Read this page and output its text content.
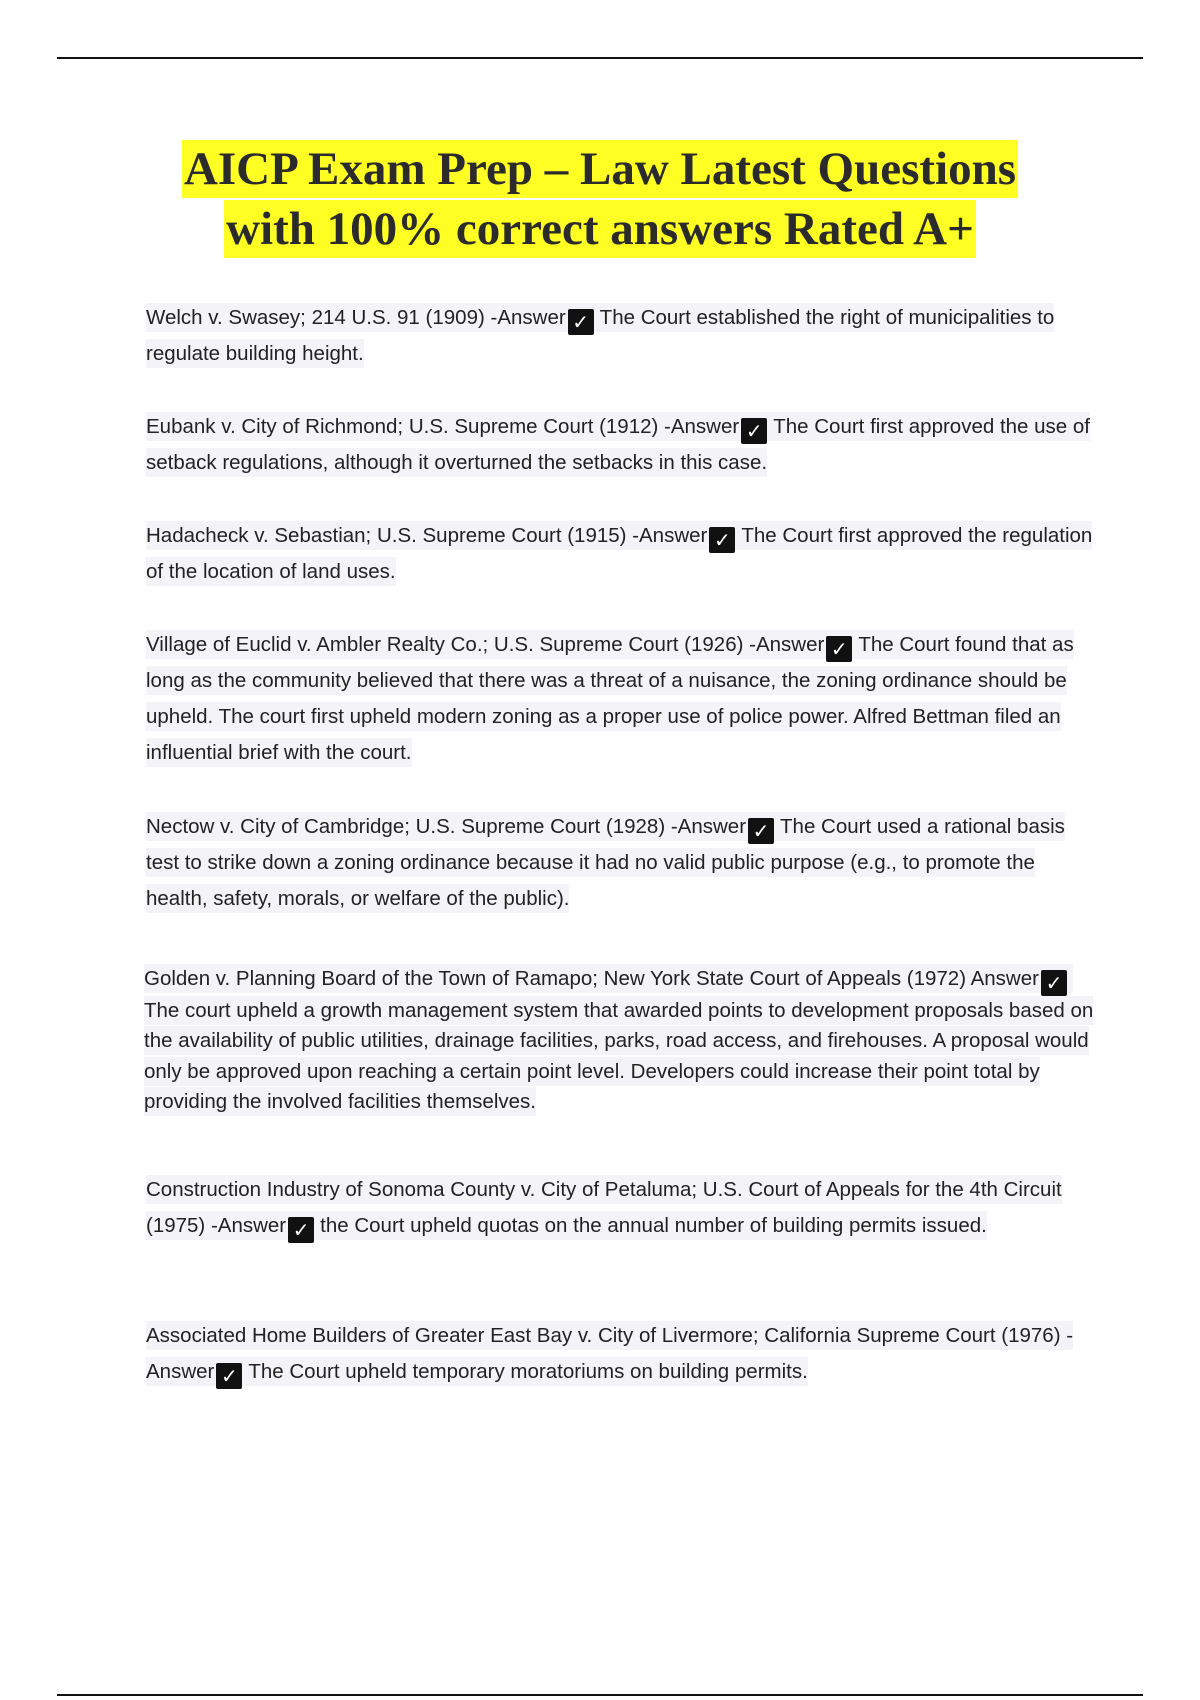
AICP Exam Prep – Law Latest Questions
with 100% correct answers Rated A+
Welch v. Swasey; 214 U.S. 91 (1909) -Answer ✓ The Court established the right of municipalities to regulate building height.
Eubank v. City of Richmond; U.S. Supreme Court (1912) -Answer ✓ The Court first approved the use of setback regulations, although it overturned the setbacks in this case.
Hadacheck v. Sebastian; U.S. Supreme Court (1915) -Answer ✓ The Court first approved the regulation of the location of land uses.
Village of Euclid v. Ambler Realty Co.; U.S. Supreme Court (1926) -Answer ✓ The Court found that as long as the community believed that there was a threat of a nuisance, the zoning ordinance should be upheld. The court first upheld modern zoning as a proper use of police power. Alfred Bettman filed an influential brief with the court.
Nectow v. City of Cambridge; U.S. Supreme Court (1928) -Answer ✓ The Court used a rational basis test to strike down a zoning ordinance because it had no valid public purpose (e.g., to promote the health, safety, morals, or welfare of the public).
Golden v. Planning Board of the Town of Ramapo; New York State Court of Appeals (1972) Answer ✓The court upheld a growth management system that awarded points to development proposals based on the availability of public utilities, drainage facilities, parks, road access, and firehouses. A proposal would only be approved upon reaching a certain point level. Developers could increase their point total by providing the involved facilities themselves.
Construction Industry of Sonoma County v. City of Petaluma; U.S. Court of Appeals for the 4th Circuit (1975) -Answer ✓ the Court upheld quotas on the annual number of building permits issued.
Associated Home Builders of Greater East Bay v. City of Livermore; California Supreme Court (1976) -Answer ✓ The Court upheld temporary moratoriums on building permits.
